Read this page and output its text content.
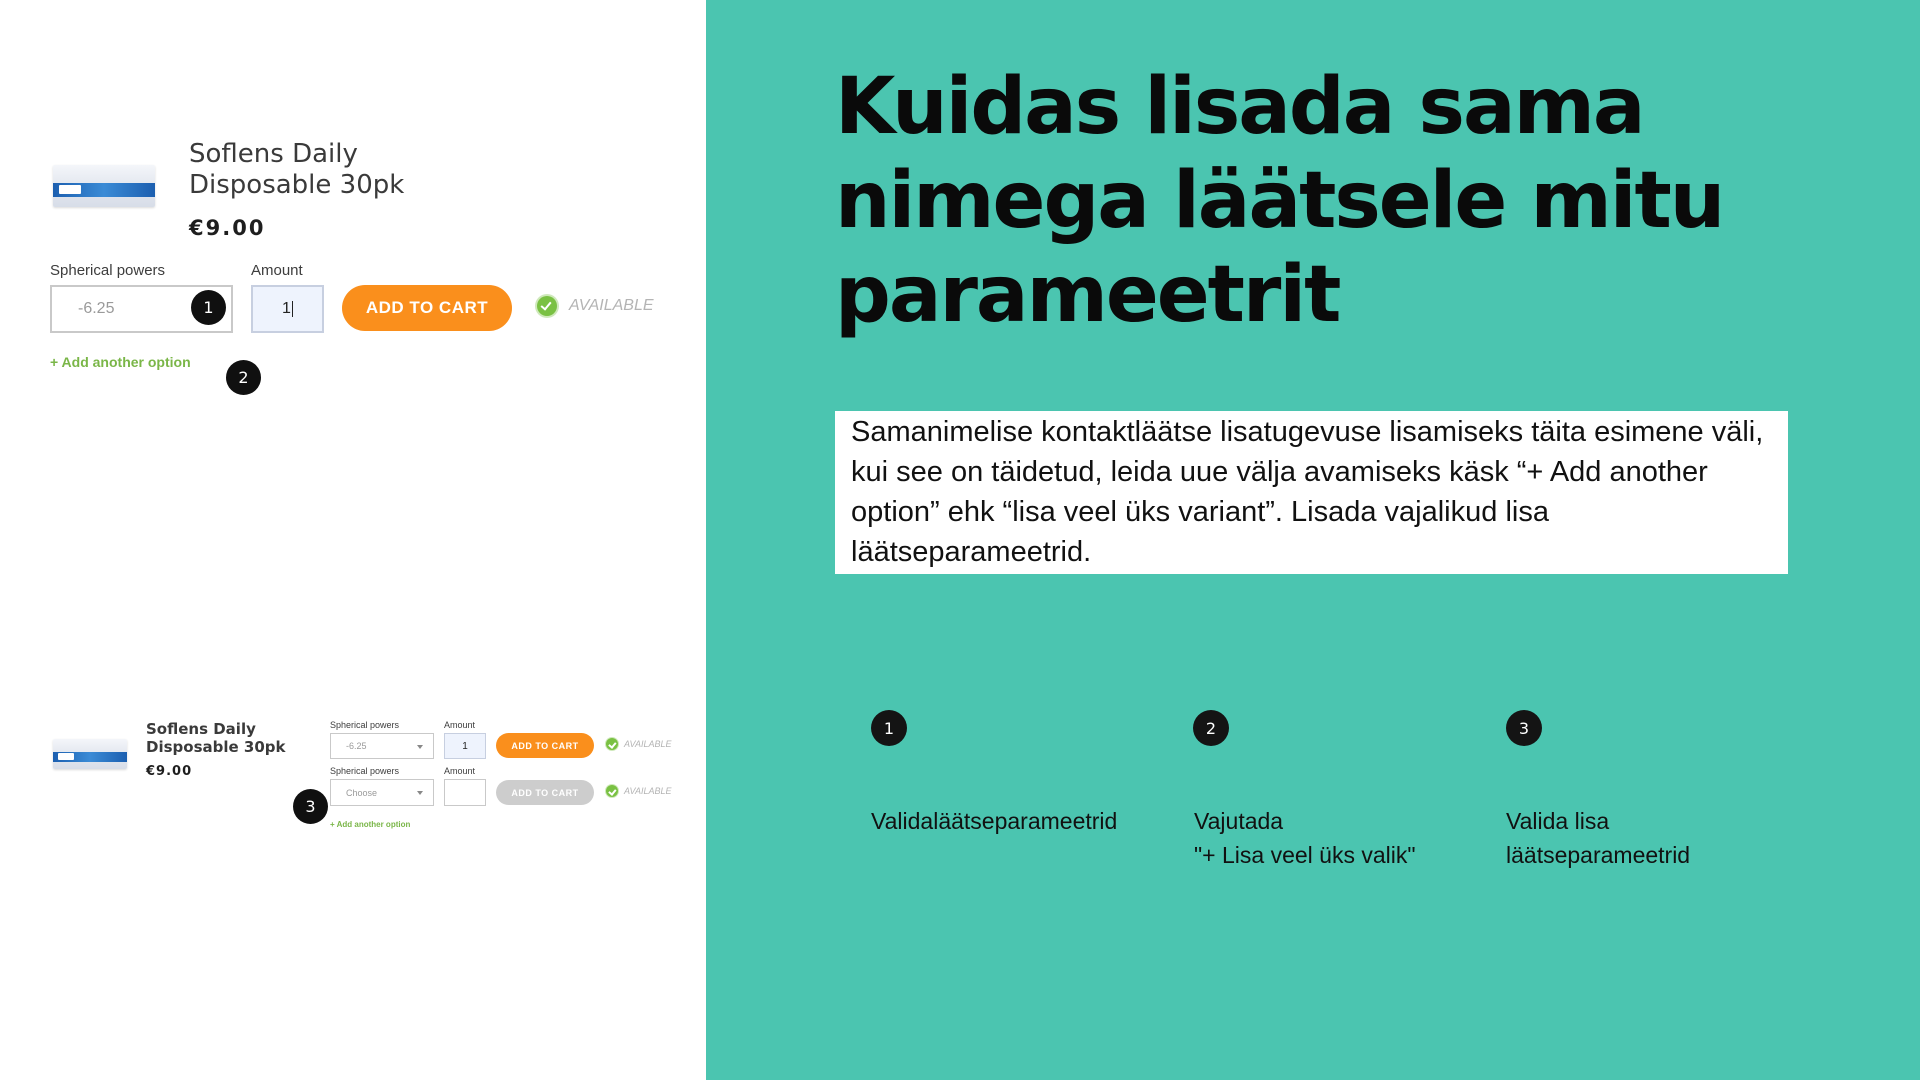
Soflens Daily
Disposable 30pk
€9.00
Spherical powers
-6.25	1
Amount
1	ADD TO CART	AVAILABLE
+ Add another option
2
Soflens Daily
Disposable 30pk
€9.00
Spherical powers
-6.25
Amount
1	ADD TO CART	AVAILABLE
Spherical powers
Choose
Amount
ADD TO CART	AVAILABLE
3
+ Add another option
Kuidas lisada sama nimega läätsele mitu parameetrit

Samanimelise kontaktläätse lisatugevuse lisamiseks täita esimene väli, kui see on täidetud, leida uue välja avamiseks käsk “+ Add another option” ehk “lisa veel üks variant”. Lisada vajalikud lisa läätseparameetrid.

1
Validaläätseparameetrid
2
Vajutada
"+ Lisa veel üks valik"
3
Valida lisa
läätseparameetrid
